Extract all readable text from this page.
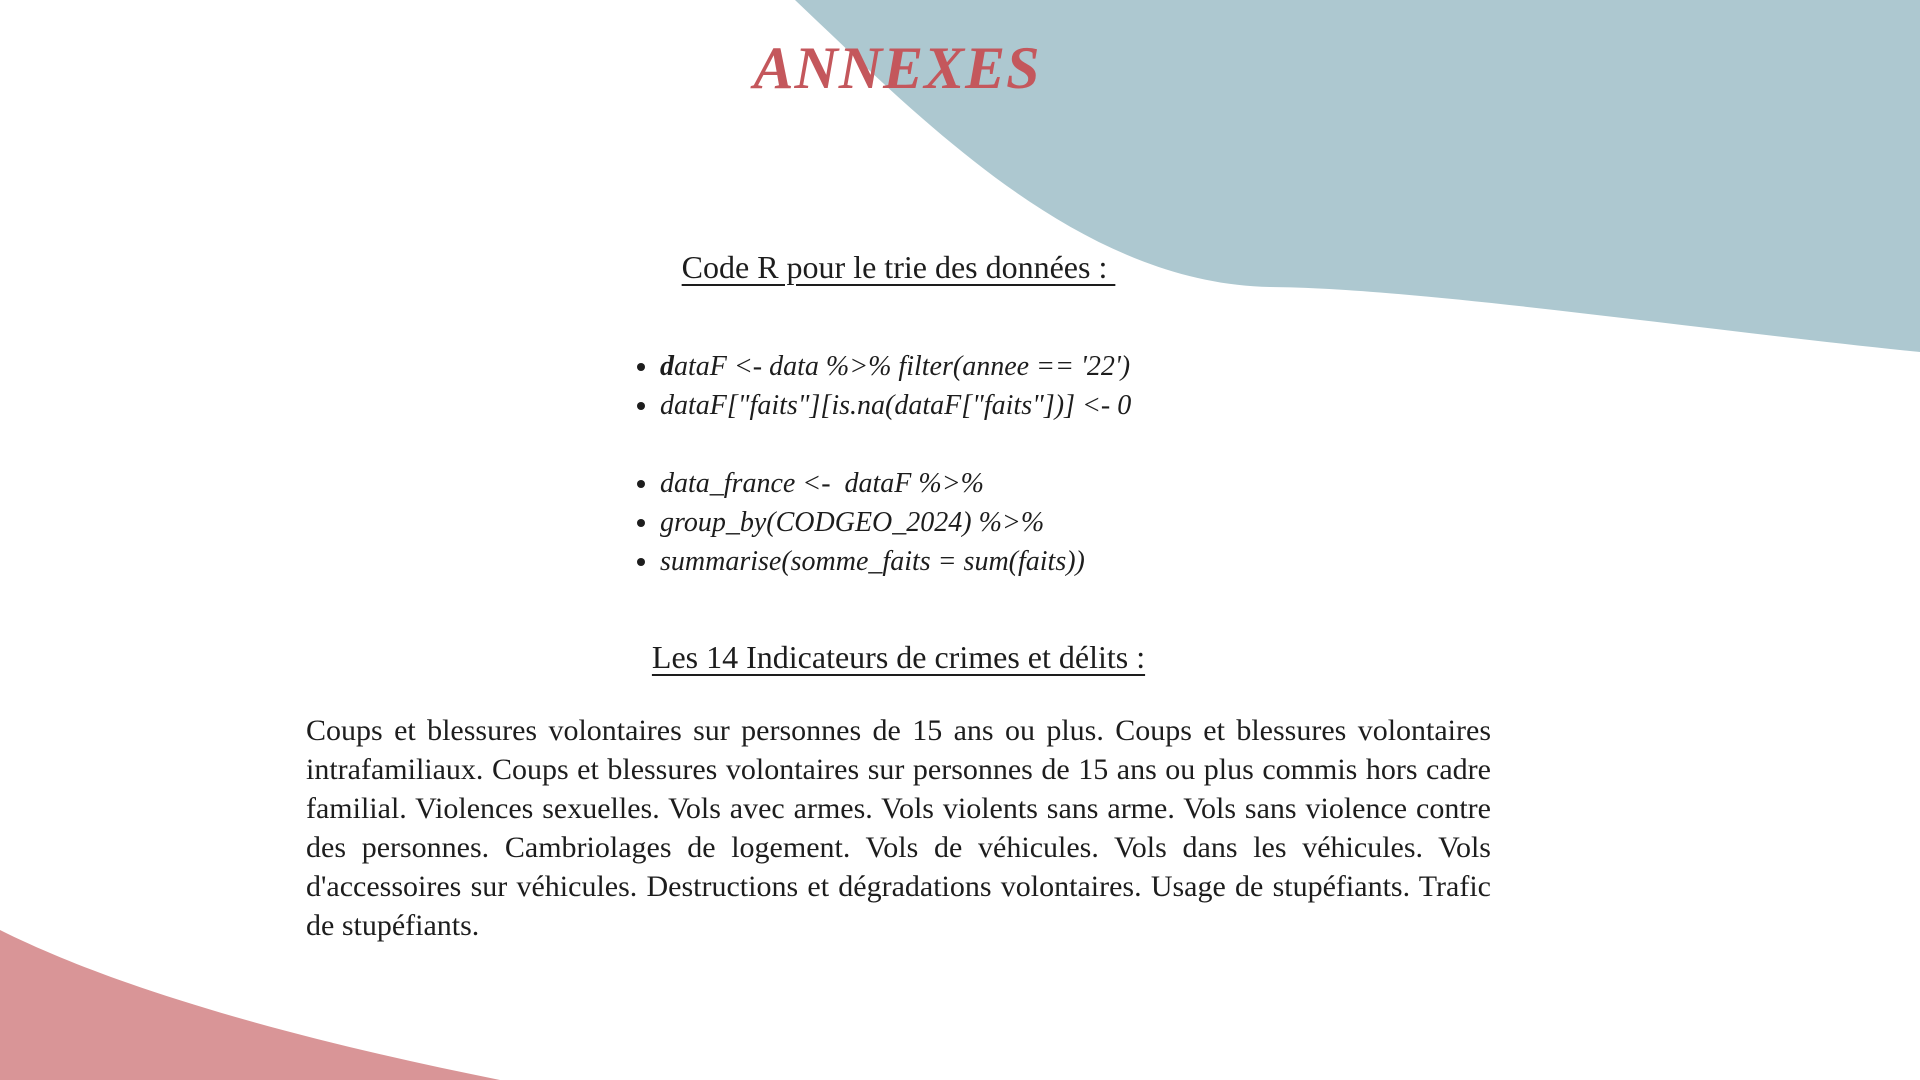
ANNEXES
Code R pour le trie des données :
• dataF <- data %>% filter(annee == '22')
• dataF["faits"][is.na(dataF["faits"])] <- 0
• data_france <-  dataF %>%
• group_by(CODGEO_2024) %>%
• summarise(somme_faits = sum(faits))
Les 14 Indicateurs de crimes et délits :

Coups et blessures volontaires sur personnes de 15 ans ou plus. Coups et blessures volontaires intrafamiliaux. Coups et blessures volontaires sur personnes de 15 ans ou plus commis hors cadre familial. Violences sexuelles. Vols avec armes. Vols violents sans arme. Vols sans violence contre des personnes. Cambriolages de logement. Vols de véhicules. Vols dans les véhicules. Vols d'accessoires sur véhicules. Destructions et dégradations volontaires. Usage de stupéfiants. Trafic de stupéfiants.
